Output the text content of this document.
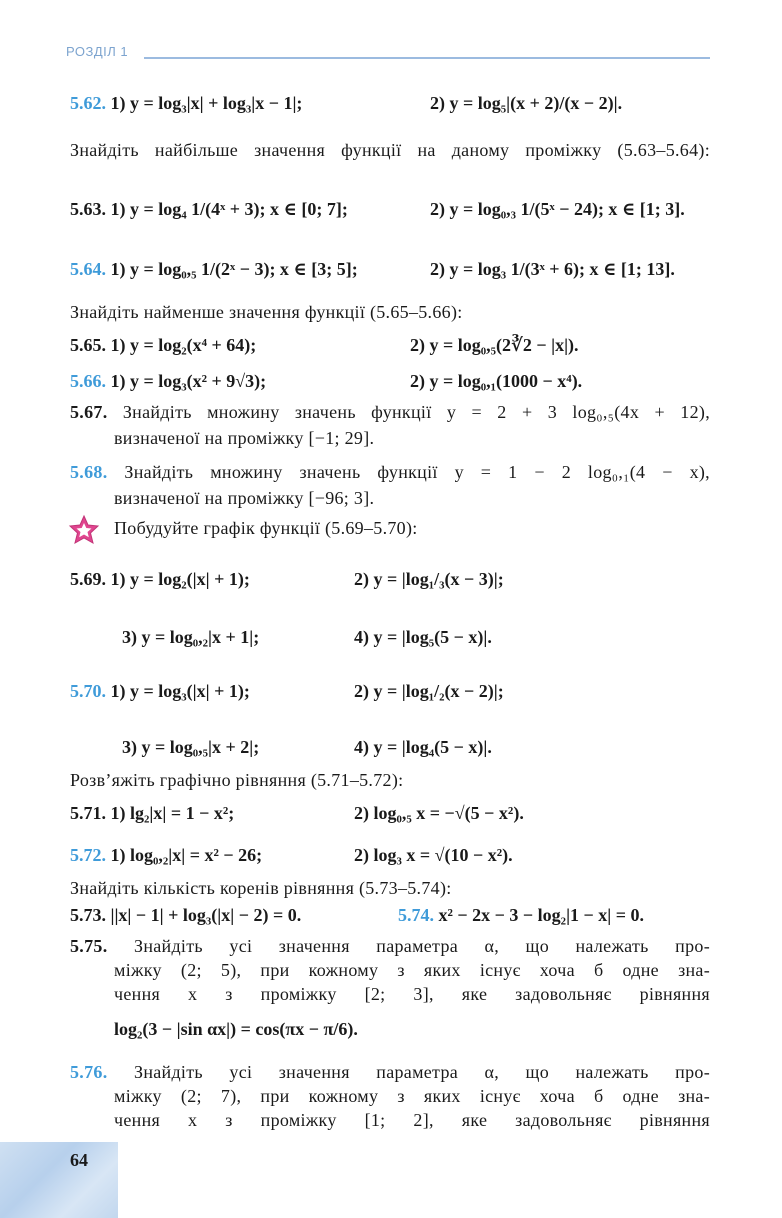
РОЗДІЛ 1
5.62. 1) y = log₃|x| + log₃|x − 1|;	2) y = log₅|(x + 2)/(x − 2)|.
Знайдіть найбільше значення функції на даному проміжку (5.63–5.64):
5.63. 1) y = log₄ 1/(4ˣ + 3); x ∈ [0; 7];	2) y = log₀,₃ 1/(5ˣ − 24); x ∈ [1; 3].
5.64. 1) y = log₀,₅ 1/(2ˣ − 3); x ∈ [3; 5];	2) y = log₃ 1/(3ˣ + 6); x ∈ [1; 13].
Знайдіть найменше значення функції (5.65–5.66):
5.65. 1) y = log₂(x⁴ + 64);	2) y = log₀,₅(2∛2 − |x|).
5.66. 1) y = log₃(x² + 9√3);	2) y = log₀,₁(1000 − x⁴).
5.67. Знайдіть множину значень функції y = 2 + 3 log₀,₅(4x + 12),
визначеної на проміжку [−1; 29].
5.68. Знайдіть множину значень функції y = 1 − 2 log₀,₁(4 − x),
визначеної на проміжку [−96; 3].
Побудуйте графік функції (5.69–5.70):
5.69. 1) y = log₂(|x| + 1);	2) y = |log₁/₃(x − 3)|;
3) y = log₀,₂|x + 1|;	4) y = |log₅(5 − x)|.
5.70. 1) y = log₃(|x| + 1);	2) y = |log₁/₂(x − 2)|;
3) y = log₀,₅|x + 2|;	4) y = |log₄(5 − x)|.
Розв’яжіть графічно рівняння (5.71–5.72):
5.71. 1) lg₂|x| = 1 − x²;	2) log₀,₅ x = −√(5 − x²).
5.72. 1) log₀,₂|x| = x² − 26;	2) log₃ x = √(10 − x²).
Знайдіть кількість коренів рівняння (5.73–5.74):
5.73. ||x| − 1| + log₃(|x| − 2) = 0.	5.74. x² − 2x − 3 − log₂|1 − x| = 0.
5.75. Знайдіть усі значення параметра α, що належать про-
міжку (2; 5), при кожному з яких існує хоча б одне зна-
чення x з проміжку [2; 3], яке задовольняє рівняння
log₂(3 − |sin αx|) = cos(πx − π/6).
5.76. Знайдіть усі значення параметра α, що належать про-
міжку (2; 7), при кожному з яких існує хоча б одне зна-
чення x з проміжку [1; 2], яке задовольняє рівняння
64
